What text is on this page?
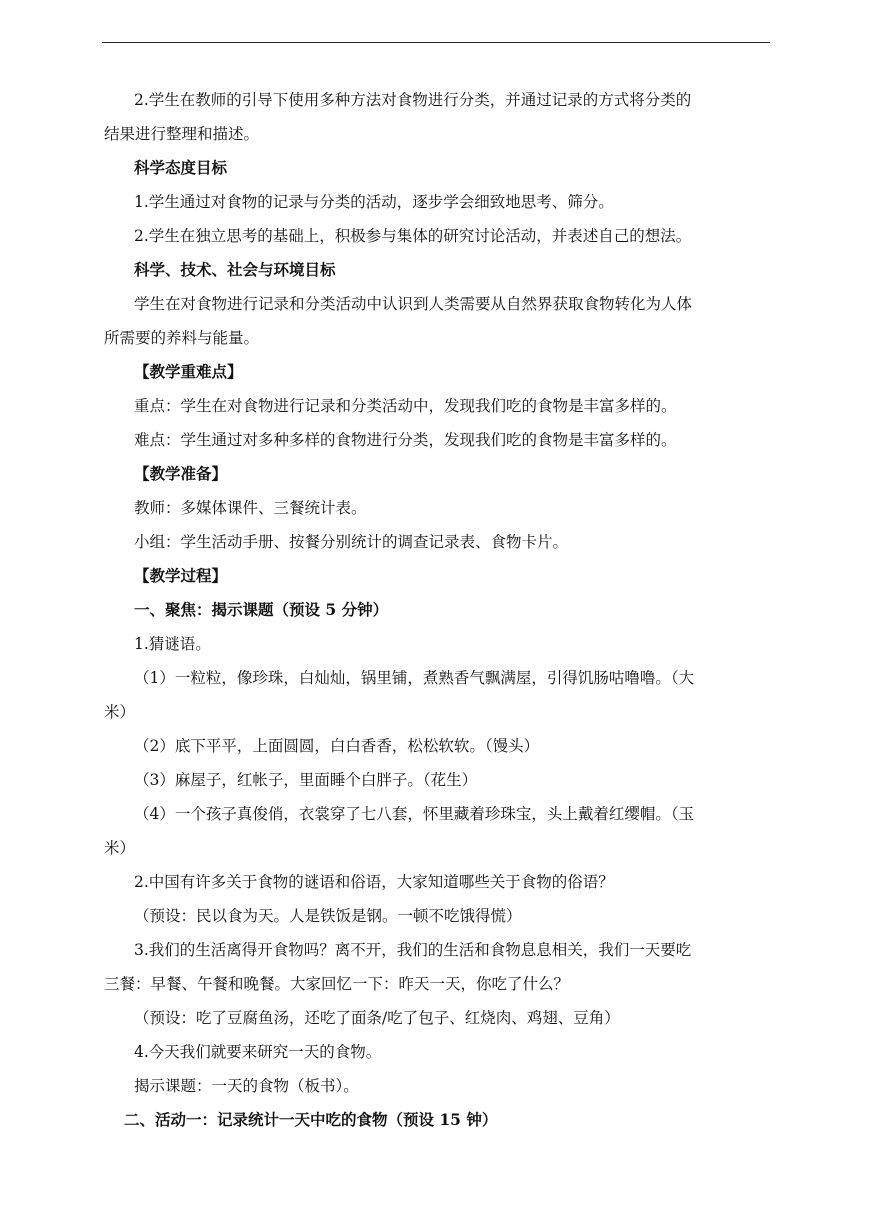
2.学生在教师的引导下使用多种方法对食物进行分类，并通过记录的方式将分类的
结果进行整理和描述。
科学态度目标
1.学生通过对食物的记录与分类的活动，逐步学会细致地思考、筛分。
2.学生在独立思考的基础上，积极参与集体的研究讨论活动，并表述自己的想法。
科学、技术、社会与环境目标
学生在对食物进行记录和分类活动中认识到人类需要从自然界获取食物转化为人体
所需要的养料与能量。
【教学重难点】
重点：学生在对食物进行记录和分类活动中，发现我们吃的食物是丰富多样的。
难点：学生通过对多种多样的食物进行分类，发现我们吃的食物是丰富多样的。
【教学准备】
教师：多媒体课件、三餐统计表。
小组：学生活动手册、按餐分别统计的调查记录表、食物卡片。
【教学过程】
一、聚焦：揭示课题（预设 5 分钟）
1.猜谜语。
（1）一粒粒，像珍珠，白灿灿，锅里铺，煮熟香气飘满屋，引得饥肠咕噜噜。（大
米）
（2）底下平平，上面圆圆，白白香香，松松软软。（馒头）
（3）麻屋子，红帐子，里面睡个白胖子。（花生）
（4）一个孩子真俊俏，衣裳穿了七八套，怀里藏着珍珠宝，头上戴着红缨帽。（玉
米）
2.中国有许多关于食物的谜语和俗语，大家知道哪些关于食物的俗语？
（预设：民以食为天。人是铁饭是钢。一顿不吃饿得慌）
3.我们的生活离得开食物吗？离不开，我们的生活和食物息息相关，我们一天要吃
三餐：早餐、午餐和晚餐。大家回忆一下：昨天一天，你吃了什么？
（预设：吃了豆腐鱼汤，还吃了面条/吃了包子、红烧肉、鸡翅、豆角）
4.今天我们就要来研究一天的食物。
揭示课题：一天的食物（板书）。
二、活动一：记录统计一天中吃的食物（预设 15 钟）
